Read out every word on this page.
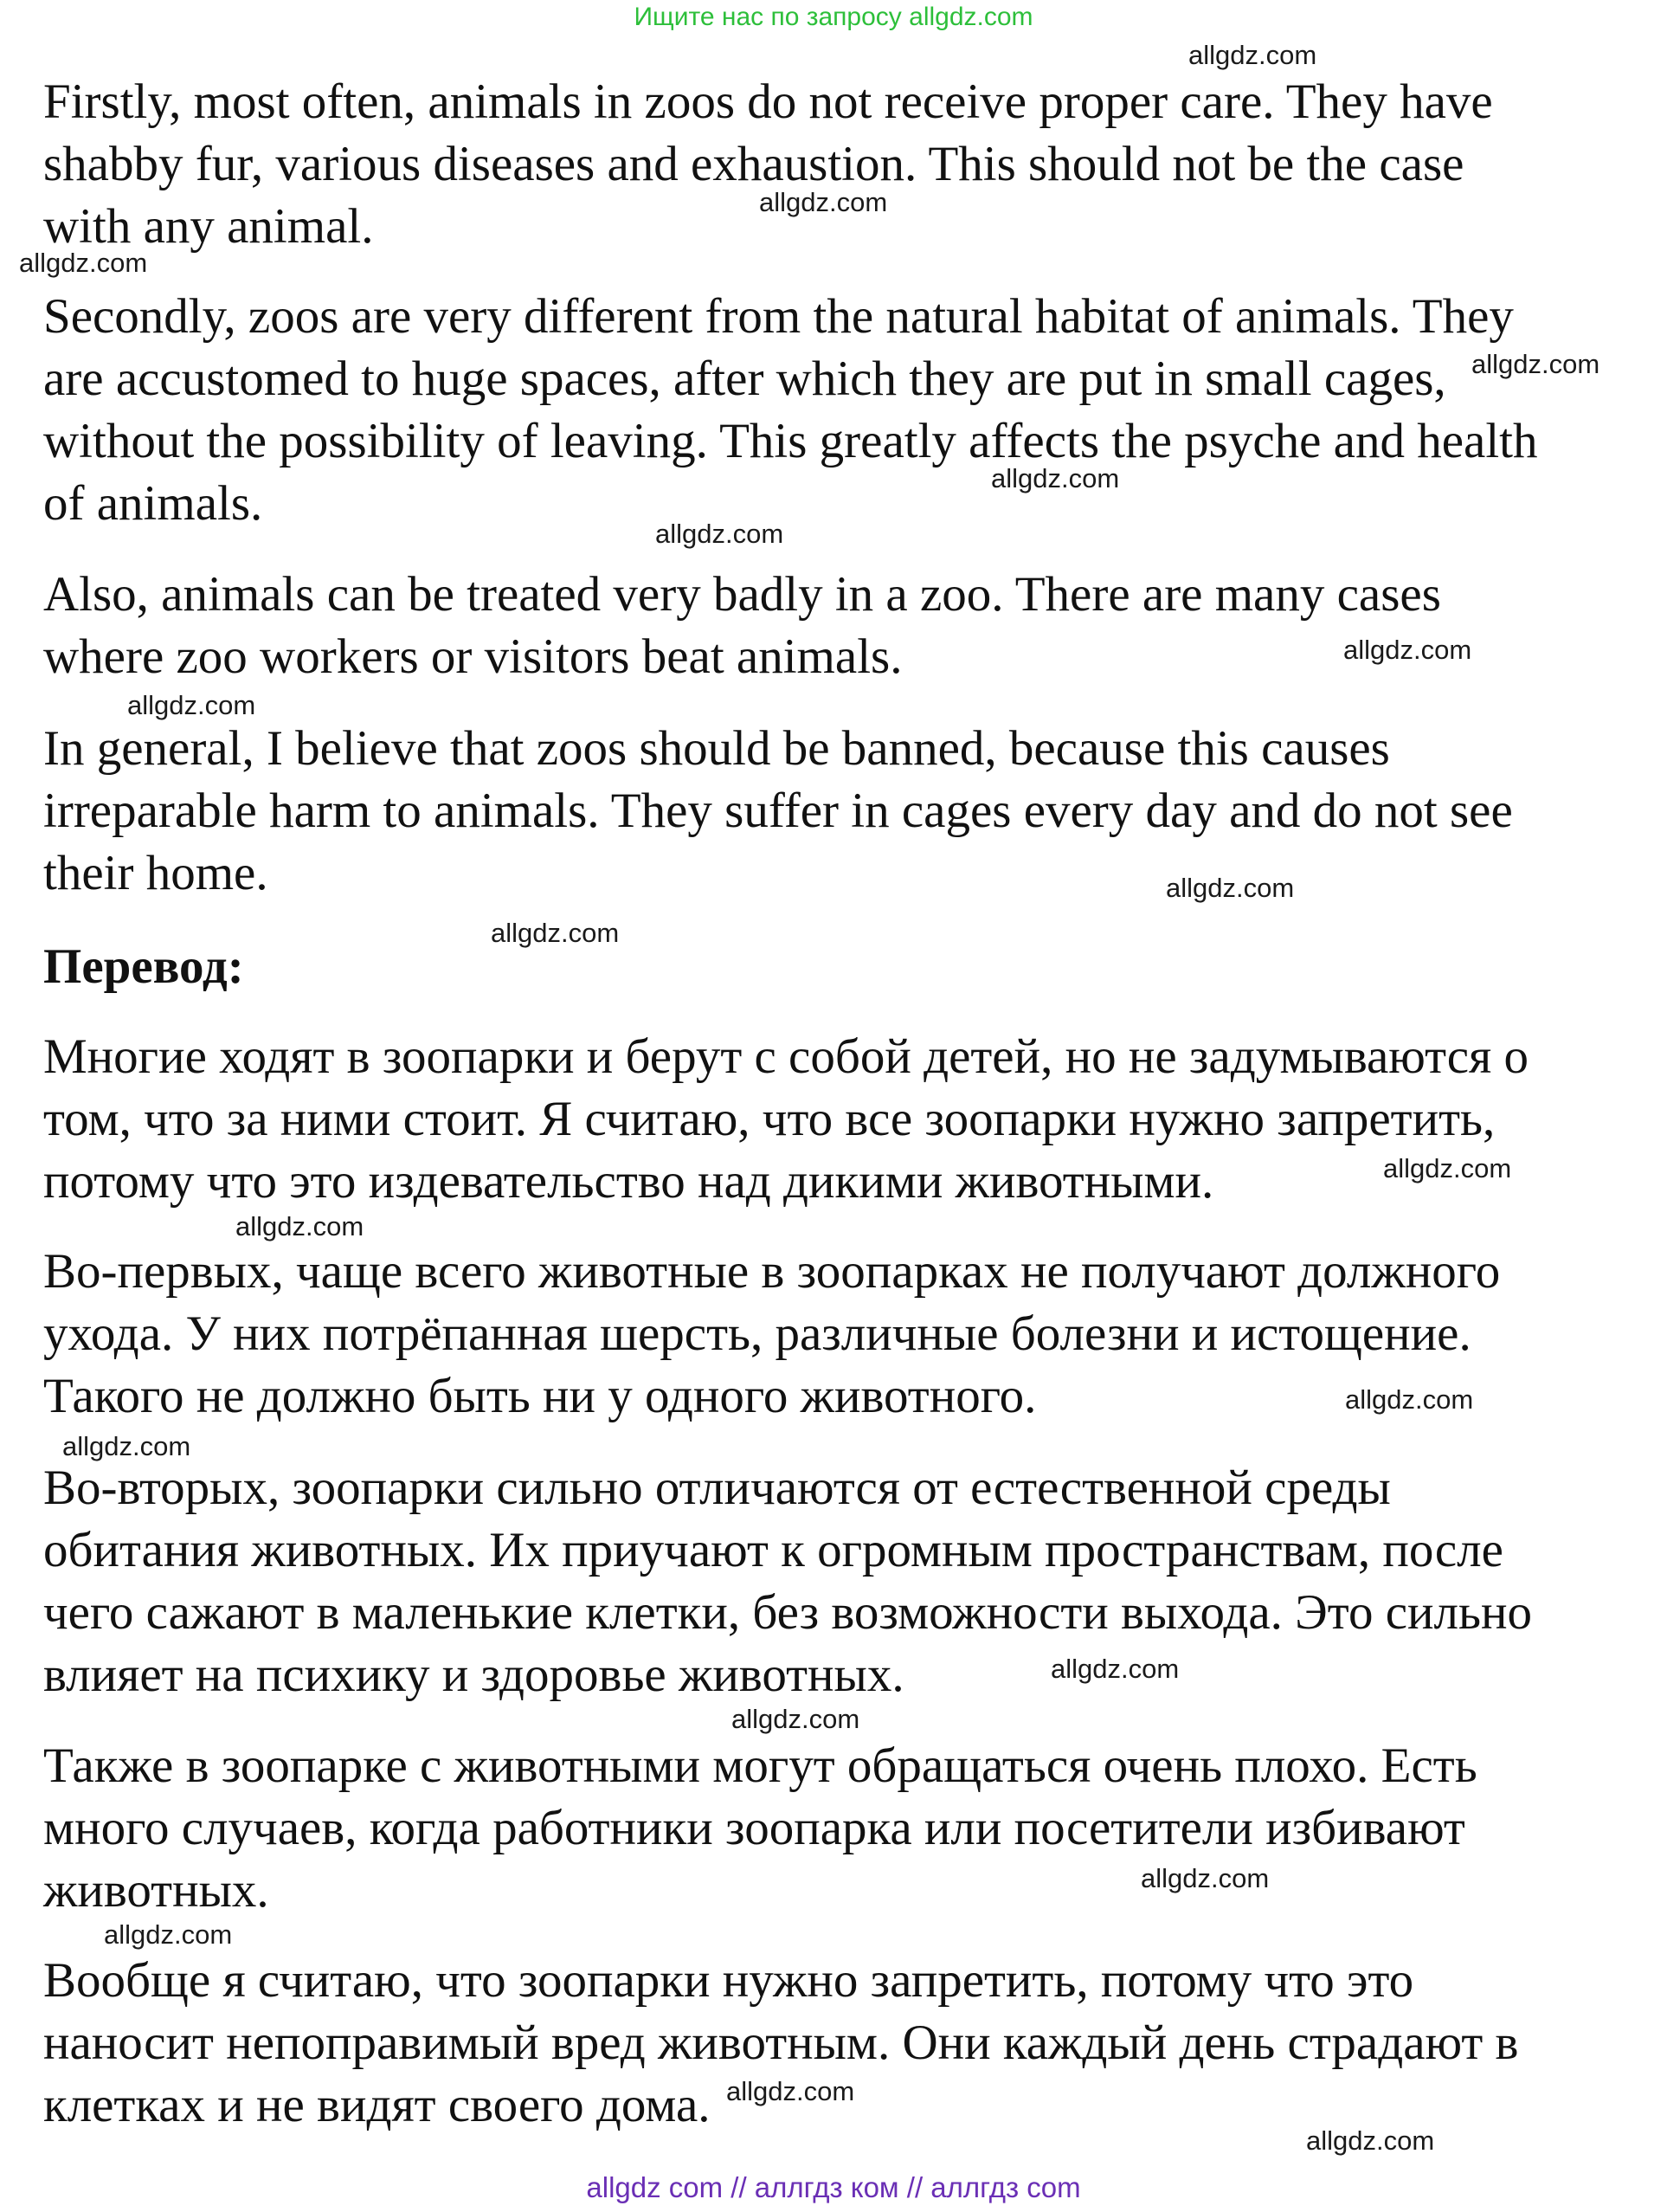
Ищите нас по запросу allgdz.com

Firstly, most often, animals in zoos do not receive proper care. They have
shabby fur, various diseases and exhaustion. This should not be the case
with any animal.

Secondly, zoos are very different from the natural habitat of animals. They
are accustomed to huge spaces, after which they are put in small cages,
without the possibility of leaving. This greatly affects the psyche and health
of animals.

Also, animals can be treated very badly in a zoo. There are many cases
where zoo workers or visitors beat animals.

In general, I believe that zoos should be banned, because this causes
irreparable harm to animals. They suffer in cages every day and do not see
their home.

Перевод:

Многие ходят в зоопарки и берут с собой детей, но не задумываются о
том, что за ними стоит. Я считаю, что все зоопарки нужно запретить,
потому что это издевательство над дикими животными.

Во-первых, чаще всего животные в зоопарках не получают должного
ухода. У них потрёпанная шерсть, различные болезни и истощение.
Такого не должно быть ни у одного животного.

Во-вторых, зоопарки сильно отличаются от естественной среды
обитания животных. Их приучают к огромным пространствам, после
чего сажают в маленькие клетки, без возможности выхода. Это сильно
влияет на психику и здоровье животных.

Также в зоопарке с животными могут обращаться очень плохо. Есть
много случаев, когда работники зоопарка или посетители избивают
животных.

Вообще я считаю, что зоопарки нужно запретить, потому что это
наносит непоправимый вред животным. Они каждый день страдают в
клетках и не видят своего дома.

allgdz.com
allgdz.com
allgdz.com
allgdz.com
allgdz.com
allgdz.com
allgdz.com
allgdz.com
allgdz.com
allgdz.com
allgdz.com
allgdz.com
allgdz.com
allgdz.com
allgdz.com
allgdz.com
allgdz.com
allgdz.com
allgdz.com
allgdz.com
allgdz com // аллгдз ком // аллгдз com
